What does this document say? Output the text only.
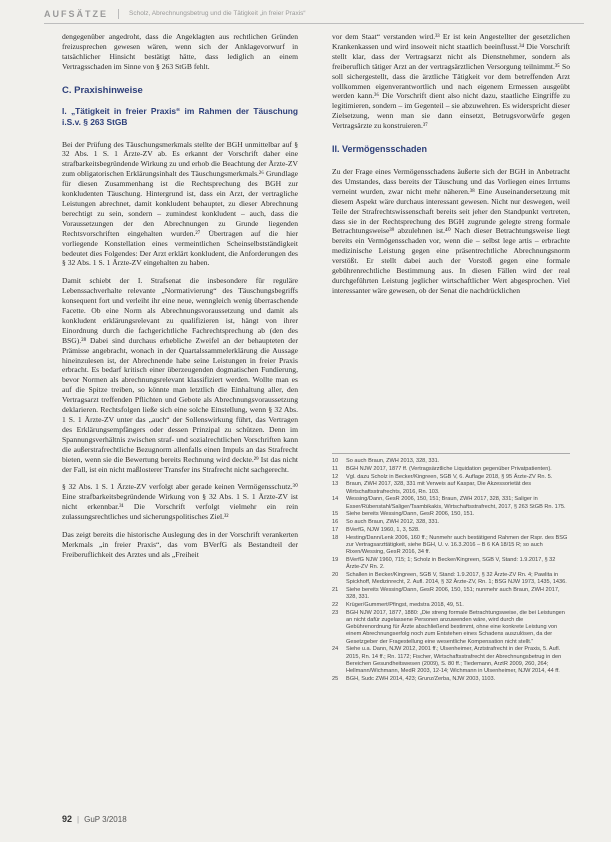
AUFSÄTZE	Scholz, Abrechnungsbetrug und die Tätigkeit „in freier Praxis“

dengegenüber angedroht, dass die Angeklagten aus rechtlichen Gründen freizusprechen gewesen wären, wenn sich der Anklagevorwurf in tatsächlicher Hinsicht bestätigt hätte, dass lediglich an einem Vertragsschaden im Sinne von § 263 StGB fehlt.

C. Praxishinweise
I. „Tätigkeit in freier Praxis“ im Rahmen der Täuschung i.S.v. § 263 StGB

Bei der Prüfung des Täuschungsmerkmals stellte der BGH unmittelbar auf § 32 Abs. 1 S. 1 Ärzte-ZV ab. Es erkannt der Vorschrift daher eine strafbarkeitsbegründende Wirkung zu und erhob die Beachtung der Ärzte-ZV zum obligatorischen Erklärungsinhalt des Täuschungsmerkmals.²⁶ Grundlage für diesen Zusammenhang ist die Rechtsprechung des BGH zur konkludenten Täuschung. Hintergrund ist, dass ein Arzt, der vertragliche Leistungen abrechnet, damit konkludent behauptet, zu dieser Abrechnung berechtigt zu sein, sondern – zumindest konkludent – auch, dass die Voraussetzungen der den Abrechnungen zu Grunde liegenden Rechtsvorschriften eingehalten wurden.²⁷ Übertragen auf die hier vorliegende Konstellation eines vermeintlichen Scheinselbstständigkeit bedeutet dies Folgendes: Der Arzt erklärt konkludent, die Anforderungen des § 32 Abs. 1 S. 1 Ärzte-ZV eingehalten zu haben.

Damit schiebt der I. Strafsenat die insbesondere für reguläre Lebenssachverhalte relevante „Normativierung“ des Täuschungsbegriffs konsequent fort und verleiht ihr eine neue, wenngleich wenig überraschende Facette. Ob eine Norm als Abrechnungsvoraussetzung und damit als konkludent erklärungsrelevant zu qualifizieren ist, hängt von ihrer Einordnung durch die fachgerichtliche Fachrechtsprechung ab (den des BSG).²⁸ Dabei sind durchaus erhebliche Zweifel an der behaupteten der Prämisse angebracht, wonach in der Quartalssammelerklärung die Aussage hineinzulesen ist, der Abrechnende habe seine Leistungen in freier Praxis erbracht. Es bedarf kritisch einer überzeugenden dogmatischen Fundierung, bevor Normen als abrechnungsrelevant klassifiziert werden. Wollte man es auf die Spitze treiben, so könnte man letztlich die Einhaltung aller, den Vertragsarzt treffenden Pflichten und Gebote als Abrechnungsvoraussetzung deklarieren. Rechtsfolgen ließe sich eine solche Einstellung, wenn § 32 Abs. 1 S. 1 Ärzte-ZV unter das „auch“ der Sollenswirkung führt, das Vertragen des Erklärungsempfängers oder dessen Prinzipal zu schützen. Denn im Spannungsverhältnis zwischen straf- und sozialrechtlichen Vorschriften kann die außerstrafrechtliche Bezugnorm allenfalls einen Impuls an das Strafrecht bieten, wenn sie die Bewertung bereits Rechnung wird deckte.²⁹ Ist das nicht der Fall, ist ein nicht maßlosterer Transfer ins Strafrecht nicht sachgerecht.

§ 32 Abs. 1 S. 1 Ärzte-ZV verfolgt aber gerade keinen Vermögensschutz.³⁰ Eine strafbarkeitsbegründende Wirkung von § 32 Abs. 1 S. 1 Ärzte-ZV ist nicht erkennbar.³¹ Die Vorschrift verfolgt vielmehr ein rein zulassungsrechtliches und sicherungspolitisches Ziel.³²

Das zeigt bereits die historische Auslegung des in der Vorschrift verankerten Merkmals „in freier Praxis“, das vom BVerfG als Bestandteil der Freiberuflichkeit des Arztes und als „Freiheit

vor dem Staat“ verstanden wird.³³ Er ist kein Angestellter der gesetzlichen Krankenkassen und wird insoweit nicht staatlich beeinflusst.³⁴ Die Vorschrift stellt klar, dass der Vertragsarzt nicht als Dienstnehmer, sondern als freiberuflich tätiger Arzt an der vertragsärztlichen Versorgung teilnimmt.³⁵ So soll sichergestellt, dass die ärztliche Tätigkeit vor dem betreffenden Arzt vollkommen eigenverantwortlich und nach eigenem Ermessen ausgeübt werden kann.³⁶ Die Vorschrift dient also nicht dazu, staatliche Eingriffe zu legitimieren, sondern – im Gegenteil – sie abzuwehren. Es widerspricht dieser Zielsetzung, wenn man sie dann einsetzt, Betrugsvorwürfe gegen Vertragsärzte zu konstruieren.³⁷

II. Vermögensschaden

Zu der Frage eines Vermögensschadens äußerte sich der BGH in Anbetracht des Umstandes, dass bereits der Täuschung und das Vorliegen eines Irrtums verneint wurden, zwar nicht mehr näheren.³⁸ Eine Auseinandersetzung mit diesem Aspekt wäre durchaus interessant gewesen. Nicht nur deswegen, weil Teile der Strafrechtswissenschaft bereits seit jeher den Standpunkt vertreten, dass sie in der Rechtsprechung des BGH zugrunde gelegte streng formale Betrachtungsweise³⁹ abzulehnen ist.⁴⁰ Nach dieser Betrachtungsweise liegt bereits ein Vermögensschaden vor, wenn die – selbst lege artis – erbrachte medizinische Leistung gegen eine präsentrechtliche Abrechnungsnorm verstößt. Er stellt dabei auch der Vorstoß gegen eine formale gebührenrechtliche Bestimmung aus. In diesen Fällen wird der real durchgeführten Leistung jeglicher wirtschaftlicher Wert abgesprochen. Viel interessanter wäre gewesen, ob der Senat die nachdrücklichen

10	So auch Braun, ZWH 2013, 328, 331.
11	BGH NJW 2017, 1877 ff. (Vertragsärztliche Liquidation gegenüber Privatpatienten).
12	Vgl. dazu Scholz in Becker/Kingreen, SGB V, 6. Auflage 2018, § 95 Ärzte-ZV Rn. 5.
13	Braun, ZWH 2017, 328, 331 mit Verweis auf Kaspar, Die Akzessorietät des Wirtschaftsstrafrechts, 2016, Rn. 103.
14	Wessing/Dann, GesR 2006, 150, 151; Braun, ZWH 2017, 328, 331; Saliger in Esser/Rübenstahl/Saliger/Tsambikakis, Wirtschaftsstrafrecht, 2017, § 263 StGB Rn. 175.
15	Siehe bereits Wessing/Dann, GesR 2006, 150, 151.
16	So auch Braun, ZWH 2012, 328, 331.
17	BVerfG, NJW 1960, 1, 3, 528.
18	Hesting/Dann/Lenk 2006, 160 ff.; Nunmehr auch bestätigend Rahmen der Rspr. des BSG zur Vertragsarzttätigkeit, siehe BGH, U. v. 16.3.2016 – B 6 KA 18/15 R; so auch Rixen/Wessing, GesR 2016, 34 ff.
19	BVerfG NJW 1960, 715; 1; Scholz in Becker/Kingreen, SGB V, Stand: 1.9.2017, § 32 Ärzte-ZV Rn. 2.
20	Schallen in Becker/Kingreen, SGB V, Stand: 1.9.2017, § 32 Ärzte-ZV Rn. 4; Pawlita in Spickhoff, Medizinrecht, 2. Aufl. 2014, § 32 Ärzte-ZV, Rn. 1; BSG NJW 1973, 1435, 1436.
21	Siehe bereits Wessing/Dann, GesR 2006, 150, 151; nunmehr auch Braun, ZWH 2017, 328, 331.
22	Krüger/Gummert/Pfingst, medstra 2018, 49, 51.
23	BGH NJW 2017, 1877, 1880: „Die streng formale Betrachtungsweise, die bei Leistungen an nicht dafür zugelassene Personen anzuwenden wäre, wird durch die Gebührenordnung für Ärzte abschließend bestimmt, ohne eine konkrete Leistung von einem Abrechnungserfolg noch zum Entstehen eines Schadens auszulösen, da der Gesetzgeber der Fragestellung eine wesentliche Kompensation nicht stellt.“
24	Siehe u.a. Dann, NJW 2012, 2001 ff.; Ulsenheimer, Arztstrafrecht in der Praxis, 5. Aufl. 2015, Rn. 14 ff.; Rn. 1172; Fischer, Wirtschaftsstrafrecht der Abrechnungsbetrug in den Bereichen Gesundheitswesen (2009), S. 80 ff.; Tiedemann, ArztR 2009, 260, 264; Hellmann/Wichmann, MedR 2003, 12-14; Wichmann in Ulsenheimer, NJW 2014, 44 ff.
25	BGH, Sudc ZWH 2014, 423; Grunz/Zerba, NJW 2003, 1103.
92 | GuP 3/2018
